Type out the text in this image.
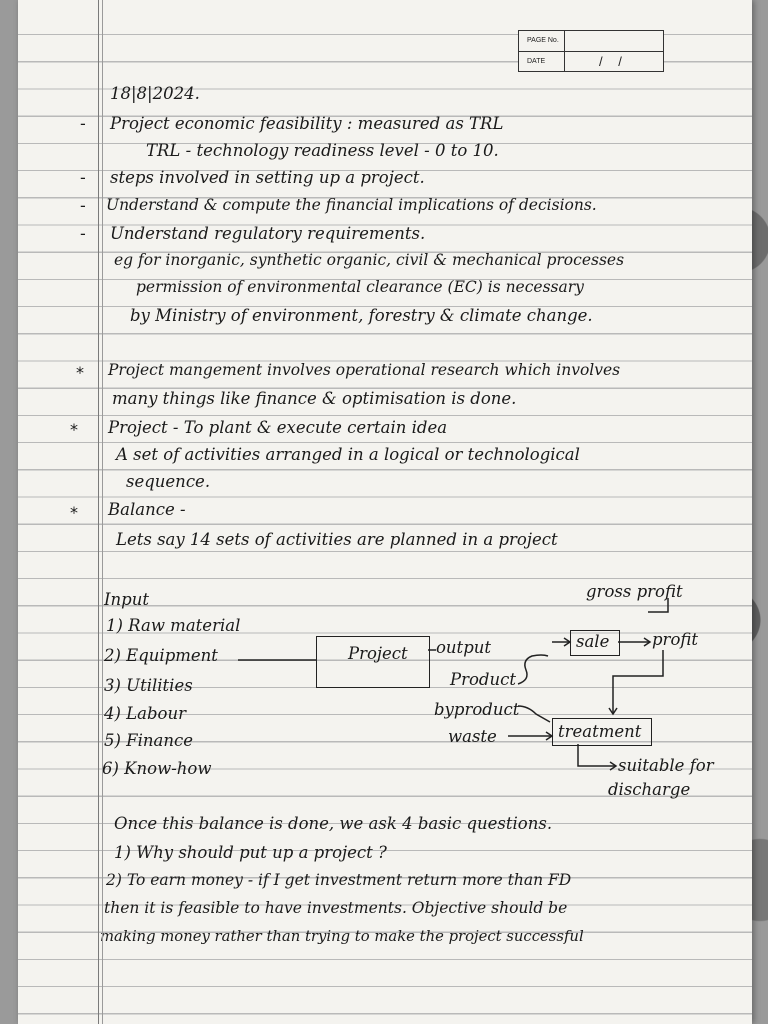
PAGE No.
DATE	/ /
18|8|2024.
- Project economic feasibility : measured as TRL
TRL - technology readiness level - 0 to 10.
- steps involved in setting up a project.
- Understand & compute the financial implications of decisions.
- Understand regulatory requirements.
eg for inorganic, synthetic organic, civil & mechanical processes
permission of environmental clearance (EC) is necessary
by Ministry of environment, forestry & climate change.
* Project mangement involves operational research which involves
many things like finance & optimisation is done.
* Project - To plant & execute certain idea
A set of activities arranged in a logical or technological
sequence.
* Balance -
Lets say 14 sets of activities are planned in a project
Input
1) Raw material
2) Equipment
3) Utilities
4) Labour
5) Finance
6) Know-how
Project output
Product
byproduct
waste
sale	profit
gross profit
treatment
suitable for
discharge
Once this balance is done, we ask 4 basic questions.
1) Why should put up a project ?
2) To earn money - if I get investment return more than FD
then it is feasible to have investments. Objective should be
making money rather than trying to make the project successful
